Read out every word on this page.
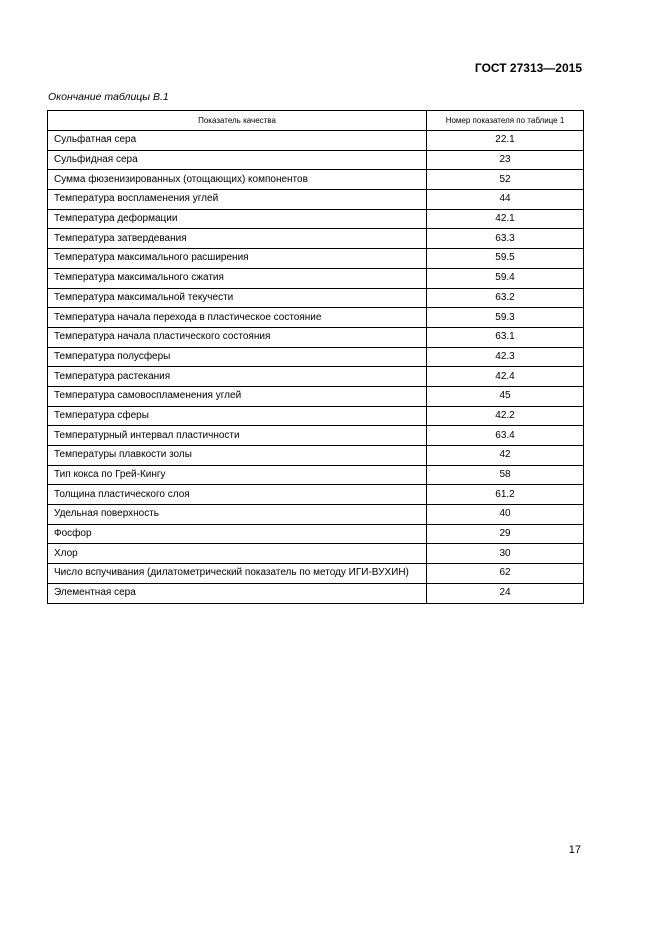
ГОСТ 27313—2015
Окончание таблицы В.1
Показатель качества	Номер показателя по таблице 1
Сульфатная сера	22.1
Сульфидная сера	23
Сумма фюзенизированных (отощающих) компонентов	52
Температура воспламенения углей	44
Температура деформации	42.1
Температура затвердевания	63.3
Температура максимального расширения	59.5
Температура максимального сжатия	59.4
Температура максимальной текучести	63.2
Температура начала перехода в пластическое состояние	59.3
Температура начала пластического состояния	63.1
Температура полусферы	42.3
Температура растекания	42.4
Температура самовоспламенения углей	45
Температура сферы	42.2
Температурный интервал пластичности	63.4
Температуры плавкости золы	42
Тип кокса по Грей-Кингу	58
Толщина пластического слоя	61.2
Удельная поверхность	40
Фосфор	29
Хлор	30
Число вспучивания (дилатометрический показатель по методу ИГИ-ВУХИН)	62
Элементная сера	24
17
